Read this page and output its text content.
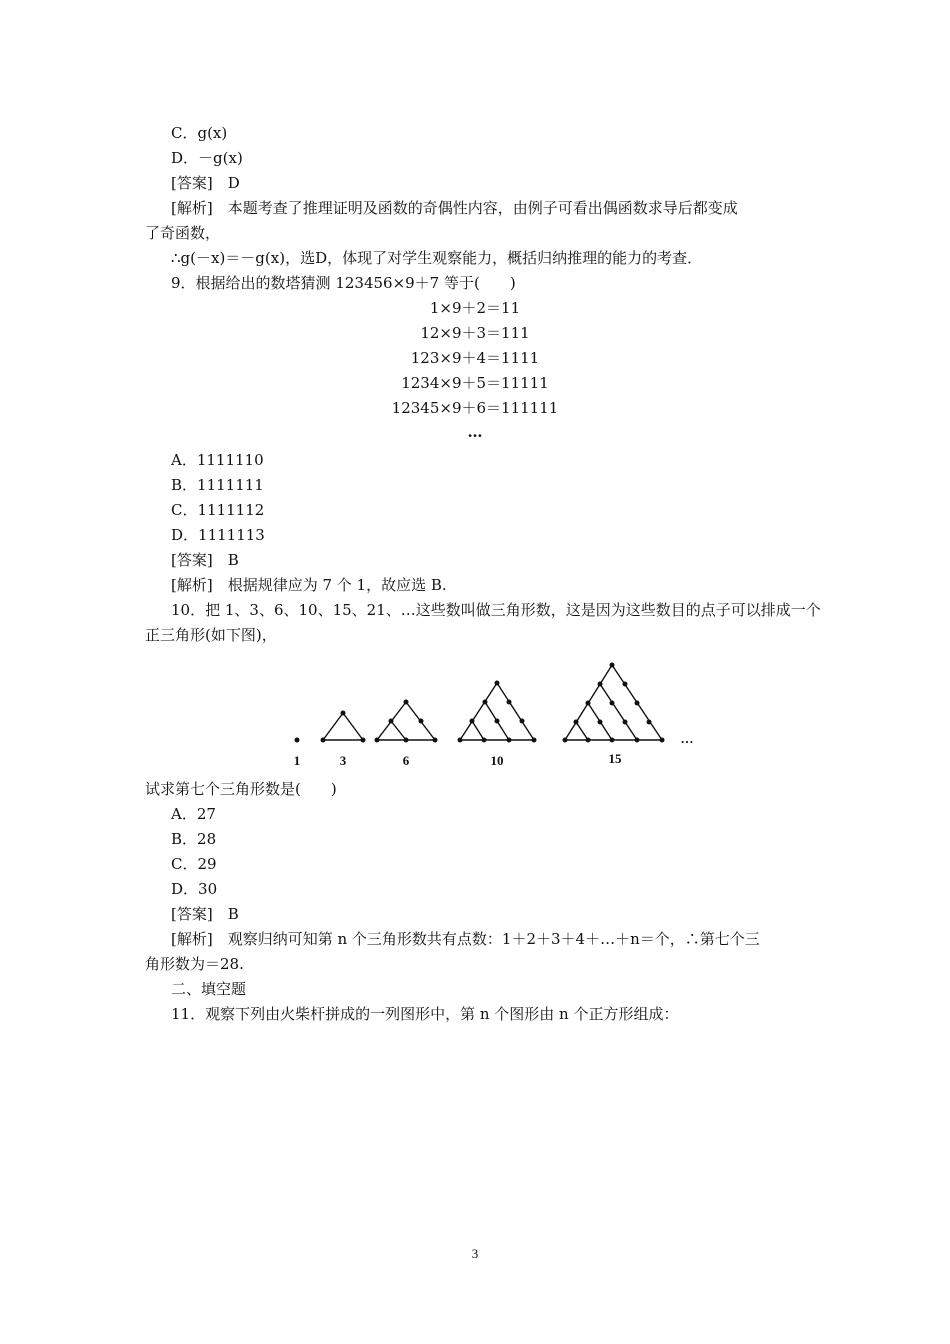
C．g(x)
D．－g(x)
[答案]　D
[解析]　本题考查了推理证明及函数的奇偶性内容，由例子可看出偶函数求导后都变成
了奇函数，
∴g(－x)＝－g(x)，选D，体现了对学生观察能力，概括归纳推理的能力的考查．
9．根据给出的数塔猜测 123456×9＋7 等于(　　)
1×9＋2＝11
12×9＋3＝111
123×9＋4＝1111
1234×9＋5＝11111
12345×9＋6＝111111
…
A．1111110
B．1111111
C．1111112
D．1111113
[答案]　B
[解析]　根据规律应为 7 个 1，故应选 B.
10．把 1、3、6、10、15、21、…这些数叫做三角形数，这是因为这些数目的点子可以排成一个
正三角形(如下图)，
1	3	6	10	15
…
试求第七个三角形数是(　　)
A．27
B．28
C．29
D．30
[答案]　B
[解析]　观察归纳可知第 n 个三角形数共有点数：1＋2＋3＋4＋…＋n＝个，∴第七个三
角形数为＝28.
二、填空题
11．观察下列由火柴杆拼成的一列图形中，第 n 个图形由 n 个正方形组成：
3
